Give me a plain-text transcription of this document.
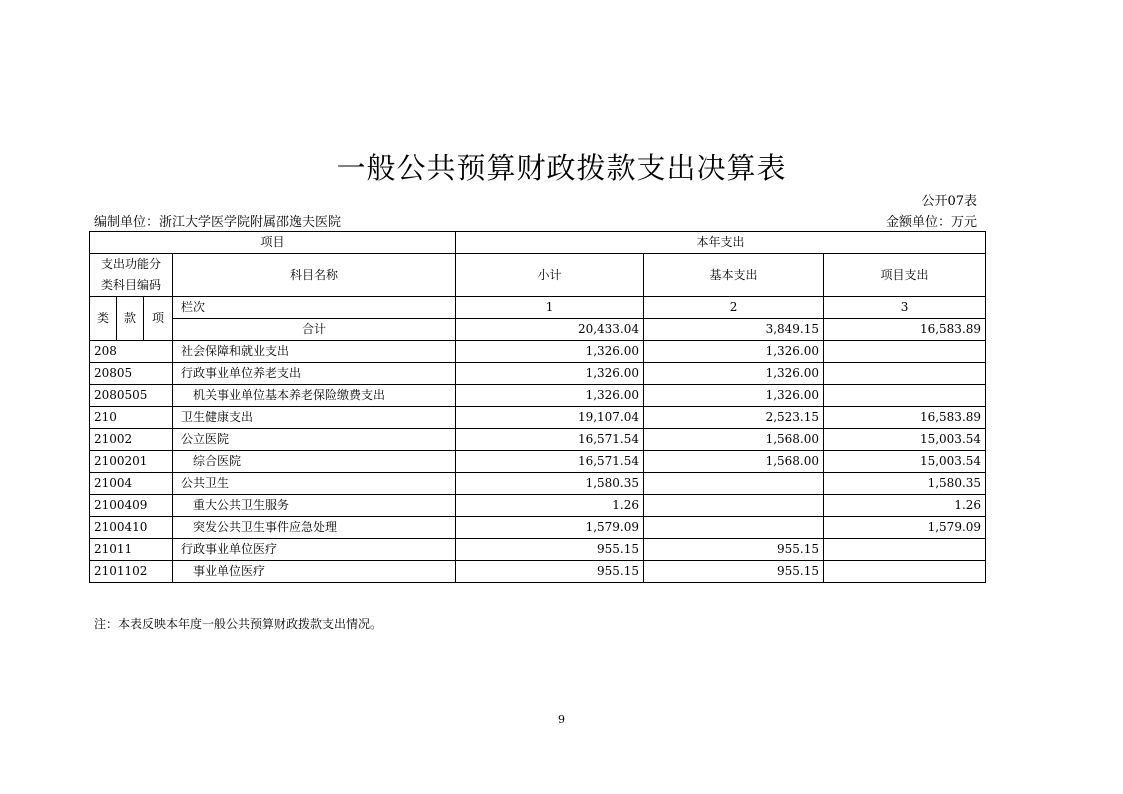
一般公共预算财政拨款支出决算表
公开07表
编制单位：浙江大学医学院附属邵逸夫医院	金额单位：万元
项目				本年支出		
支出功能分类科目编码			科目名称	小计	基本支出	项目支出
类	款	项	栏次	1	2	3
			合计	20,433.04	3,849.15	16,583.89
208			社会保障和就业支出	1,326.00	1,326.00	
20805			行政事业单位养老支出	1,326.00	1,326.00	
2080505			机关事业单位基本养老保险缴费支出	1,326.00	1,326.00	
210			卫生健康支出	19,107.04	2,523.15	16,583.89
21002			公立医院	16,571.54	1,568.00	15,003.54
2100201			综合医院	16,571.54	1,568.00	15,003.54
21004			公共卫生	1,580.35		1,580.35
2100409			重大公共卫生服务	1.26		1.26
2100410			突发公共卫生事件应急处理	1,579.09		1,579.09
21011			行政事业单位医疗	955.15	955.15	
2101102			事业单位医疗	955.15	955.15	
注：本表反映本年度一般公共预算财政拨款支出情况。
9
